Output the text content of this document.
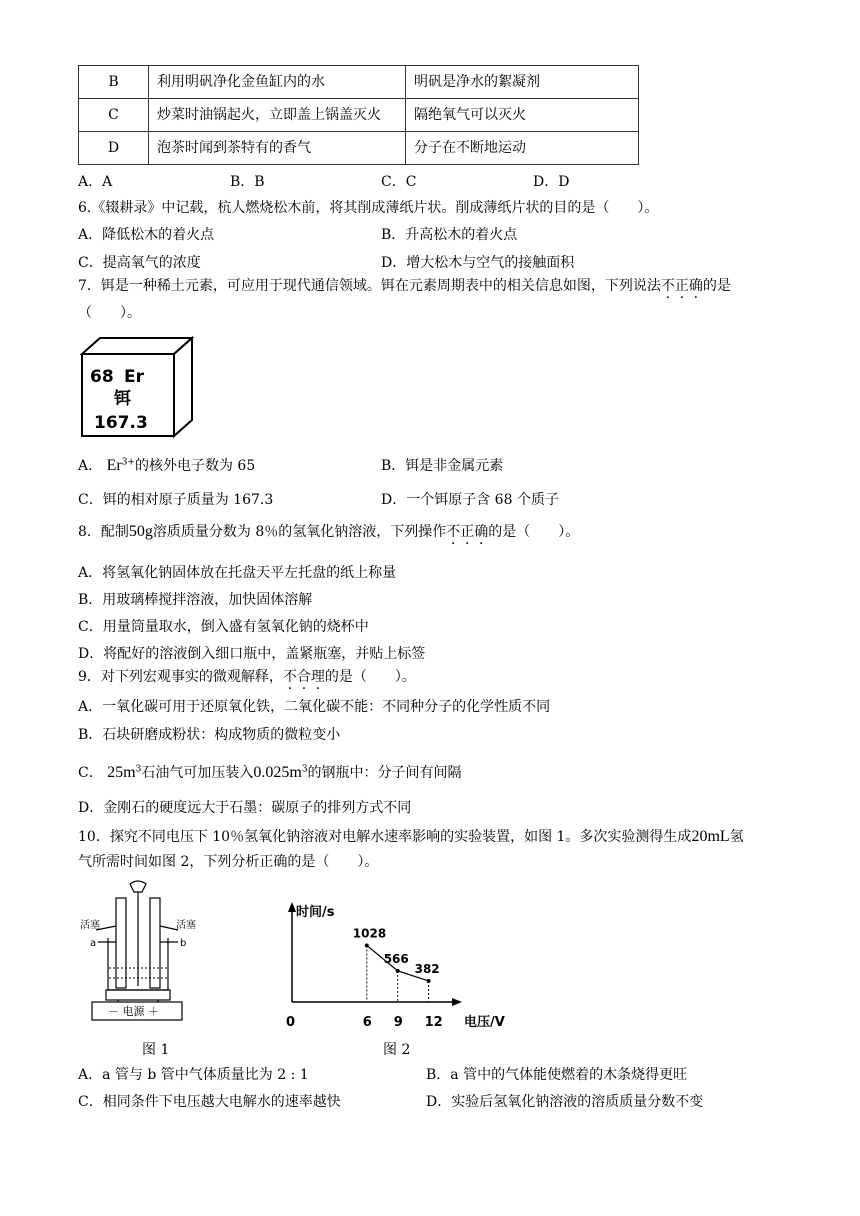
B	利用明矾净化金鱼缸内的水	明矾是净水的絮凝剂
C	炒菜时油锅起火，立即盖上锅盖灭火	隔绝氧气可以灭火
D	泡茶时闻到茶特有的香气	分子在不断地运动
A．A	B．B	C．C	D．D
6.《辍耕录》中记载，杭人燃烧松木前，将其削成薄纸片状。削成薄纸片状的目的是（　　）。
A．降低松木的着火点	B．升高松木的着火点
C．提高氧气的浓度	D．增大松木与空气的接触面积
7．铒是一种稀土元素，可应用于现代通信领域。铒在元素周期表中的相关信息如图，下列说法不正确的是
（　　）。
68 Er
铒
167.3
A． $Er^{3+}$的核外电子数为 65	B．铒是非金属元素
C．铒的相对原子质量为 167.3	D．一个铒原子含 68 个质子
8．配制50g溶质质量分数为 8％的氢氧化钠溶液，下列操作不正确的是（　　）。
A．将氢氧化钠固体放在托盘天平左托盘的纸上称量
B．用玻璃棒搅拌溶液，加快固体溶解
C．用量筒量取水，倒入盛有氢氧化钠的烧杯中
D．将配好的溶液倒入细口瓶中，盖紧瓶塞，并贴上标签
9．对下列宏观事实的微观解释，不合理的是（　　）。
A．一氧化碳可用于还原氧化铁，二氧化碳不能：不同种分子的化学性质不同
B．石块研磨成粉状：构成物质的微粒变小
C． $25m^3$石油气可加压装入$0.025m^3$的钢瓶中：分子间有间隔
D．金刚石的硬度远大于石墨：碳原子的排列方式不同
10．探究不同电压下 10％氢氧化钠溶液对电解水速率影响的实验装置，如图 1。多次实验测得生成20mL氢
气所需时间如图 2，下列分析正确的是（　　）。
活塞	活塞
a	b
－ 电源 ＋
图 1
时间/s
电压/V
0
1028
6
566
9
382
12
图 2
A．a 管与 b 管中气体质量比为 2 : 1	B．a 管中的气体能使燃着的木条烧得更旺
C．相同条件下电压越大电解水的速率越快	D．实验后氢氧化钠溶液的溶质质量分数不变
